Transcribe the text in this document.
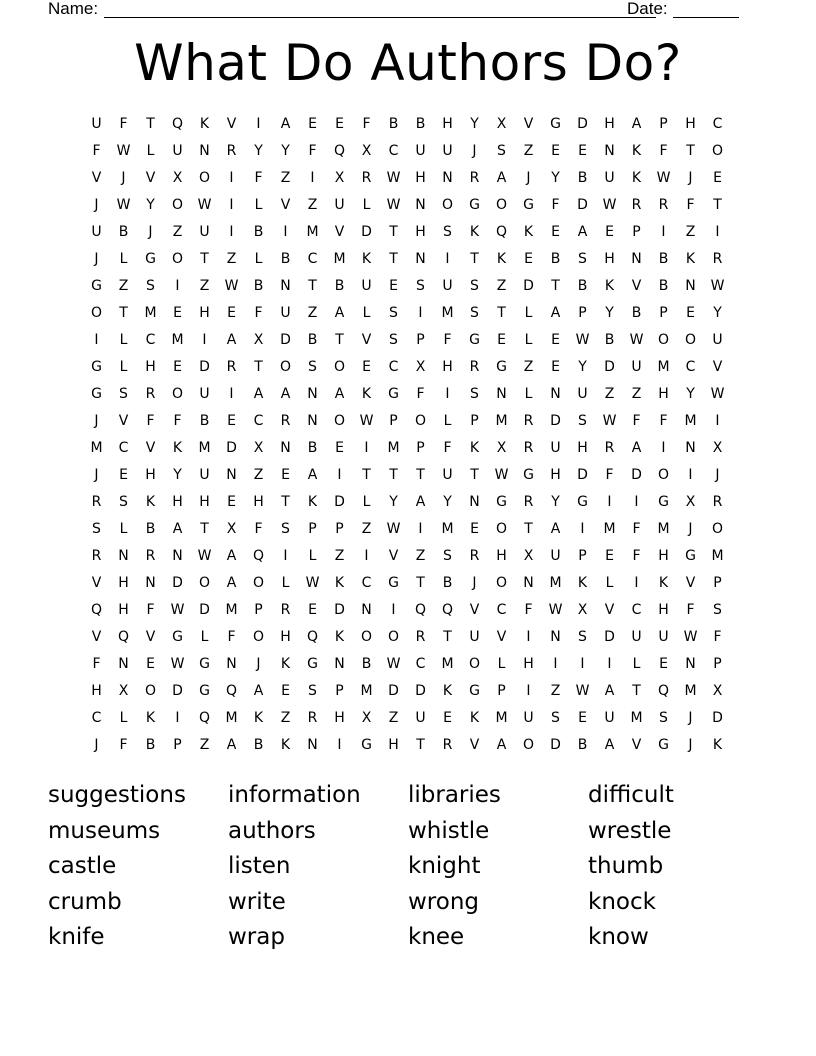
Name:	Date:
What Do Authors Do?
U	F	T	Q	K	V	I	A	E	E	F	B	B	H	Y	X	V	G	D	H	A	P	H	C
F	W	L	U	N	R	Y	Y	F	Q	X	C	U	U	J	S	Z	E	E	N	K	F	T	O
V	J	V	X	O	I	F	Z	I	X	R	W	H	N	R	A	J	Y	B	U	K	W	J	E
J	W	Y	O	W	I	L	V	Z	U	L	W	N	O	G	O	G	F	D	W	R	R	F	T
U	B	J	Z	U	I	B	I	M	V	D	T	H	S	K	Q	K	E	A	E	P	I	Z	I
J	L	G	O	T	Z	L	B	C	M	K	T	N	I	T	K	E	B	S	H	N	B	K	R
G	Z	S	I	Z	W	B	N	T	B	U	E	S	U	S	Z	D	T	B	K	V	B	N	W
O	T	M	E	H	E	F	U	Z	A	L	S	I	M	S	T	L	A	P	Y	B	P	E	Y
I	L	C	M	I	A	X	D	B	T	V	S	P	F	G	E	L	E	W	B	W	O	O	U
G	L	H	E	D	R	T	O	S	O	E	C	X	H	R	G	Z	E	Y	D	U	M	C	V
G	S	R	O	U	I	A	A	N	A	K	G	F	I	S	N	L	N	U	Z	Z	H	Y	W
J	V	F	F	B	E	C	R	N	O	W	P	O	L	P	M	R	D	S	W	F	F	M	I
M	C	V	K	M	D	X	N	B	E	I	M	P	F	K	X	R	U	H	R	A	I	N	X
J	E	H	Y	U	N	Z	E	A	I	T	T	T	U	T	W	G	H	D	F	D	O	I	J
R	S	K	H	H	E	H	T	K	D	L	Y	A	Y	N	G	R	Y	G	I	I	G	X	R
S	L	B	A	T	X	F	S	P	P	Z	W	I	M	E	O	T	A	I	M	F	M	J	O
R	N	R	N	W	A	Q	I	L	Z	I	V	Z	S	R	H	X	U	P	E	F	H	G	M
V	H	N	D	O	A	O	L	W	K	C	G	T	B	J	O	N	M	K	L	I	K	V	P
Q	H	F	W	D	M	P	R	E	D	N	I	Q	Q	V	C	F	W	X	V	C	H	F	S
V	Q	V	G	L	F	O	H	Q	K	O	O	R	T	U	V	I	N	S	D	U	U	W	F
F	N	E	W	G	N	J	K	G	N	B	W	C	M	O	L	H	I	I	I	L	E	N	P
H	X	O	D	G	Q	A	E	S	P	M	D	D	K	G	P	I	Z	W	A	T	Q	M	X
C	L	K	I	Q	M	K	Z	R	H	X	Z	U	E	K	M	U	S	E	U	M	S	J	D
J	F	B	P	Z	A	B	K	N	I	G	H	T	R	V	A	O	D	B	A	V	G	J	K
suggestions	information	libraries	difficult
museums	authors	whistle	wrestle
castle	listen	knight	thumb
crumb	write	wrong	knock
knife	wrap	knee	know
